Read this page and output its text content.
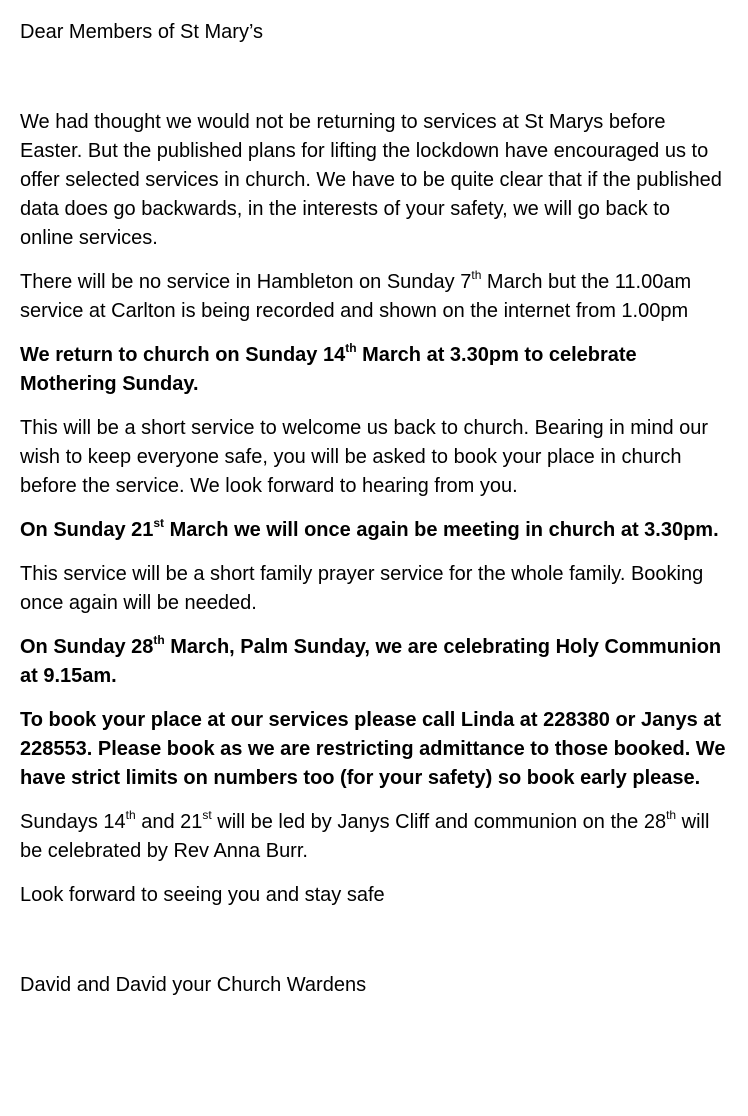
Dear Members of St Mary’s

We had thought we would not be returning to services at St Marys before Easter. But the published plans for lifting the lockdown have encouraged us to offer selected services in church. We have to be quite clear that if the published data does go backwards, in the interests of your safety, we will go back to online services.

There will be no service in Hambleton on Sunday 7th March but the 11.00am service at Carlton is being recorded and shown on the internet from 1.00pm

We return to church on Sunday 14th March at 3.30pm to celebrate Mothering Sunday.

This will be a short service to welcome us back to church. Bearing in mind our wish to keep everyone safe, you will be asked to book your place in church before the service. We look forward to hearing from you.

On Sunday 21st March we will once again be meeting in church at 3.30pm.

This service will be a short family prayer service for the whole family. Booking once again will be needed.

On Sunday 28th March, Palm Sunday, we are celebrating Holy Communion at 9.15am.

To book your place at our services please call Linda at 228380 or Janys at 228553. Please book as we are restricting admittance to those booked. We have strict limits on numbers too (for your safety) so book early please.

Sundays 14th and 21st will be led by Janys Cliff and communion on the 28th will be celebrated by Rev Anna Burr.

Look forward to seeing you and stay safe

David and David your Church Wardens
